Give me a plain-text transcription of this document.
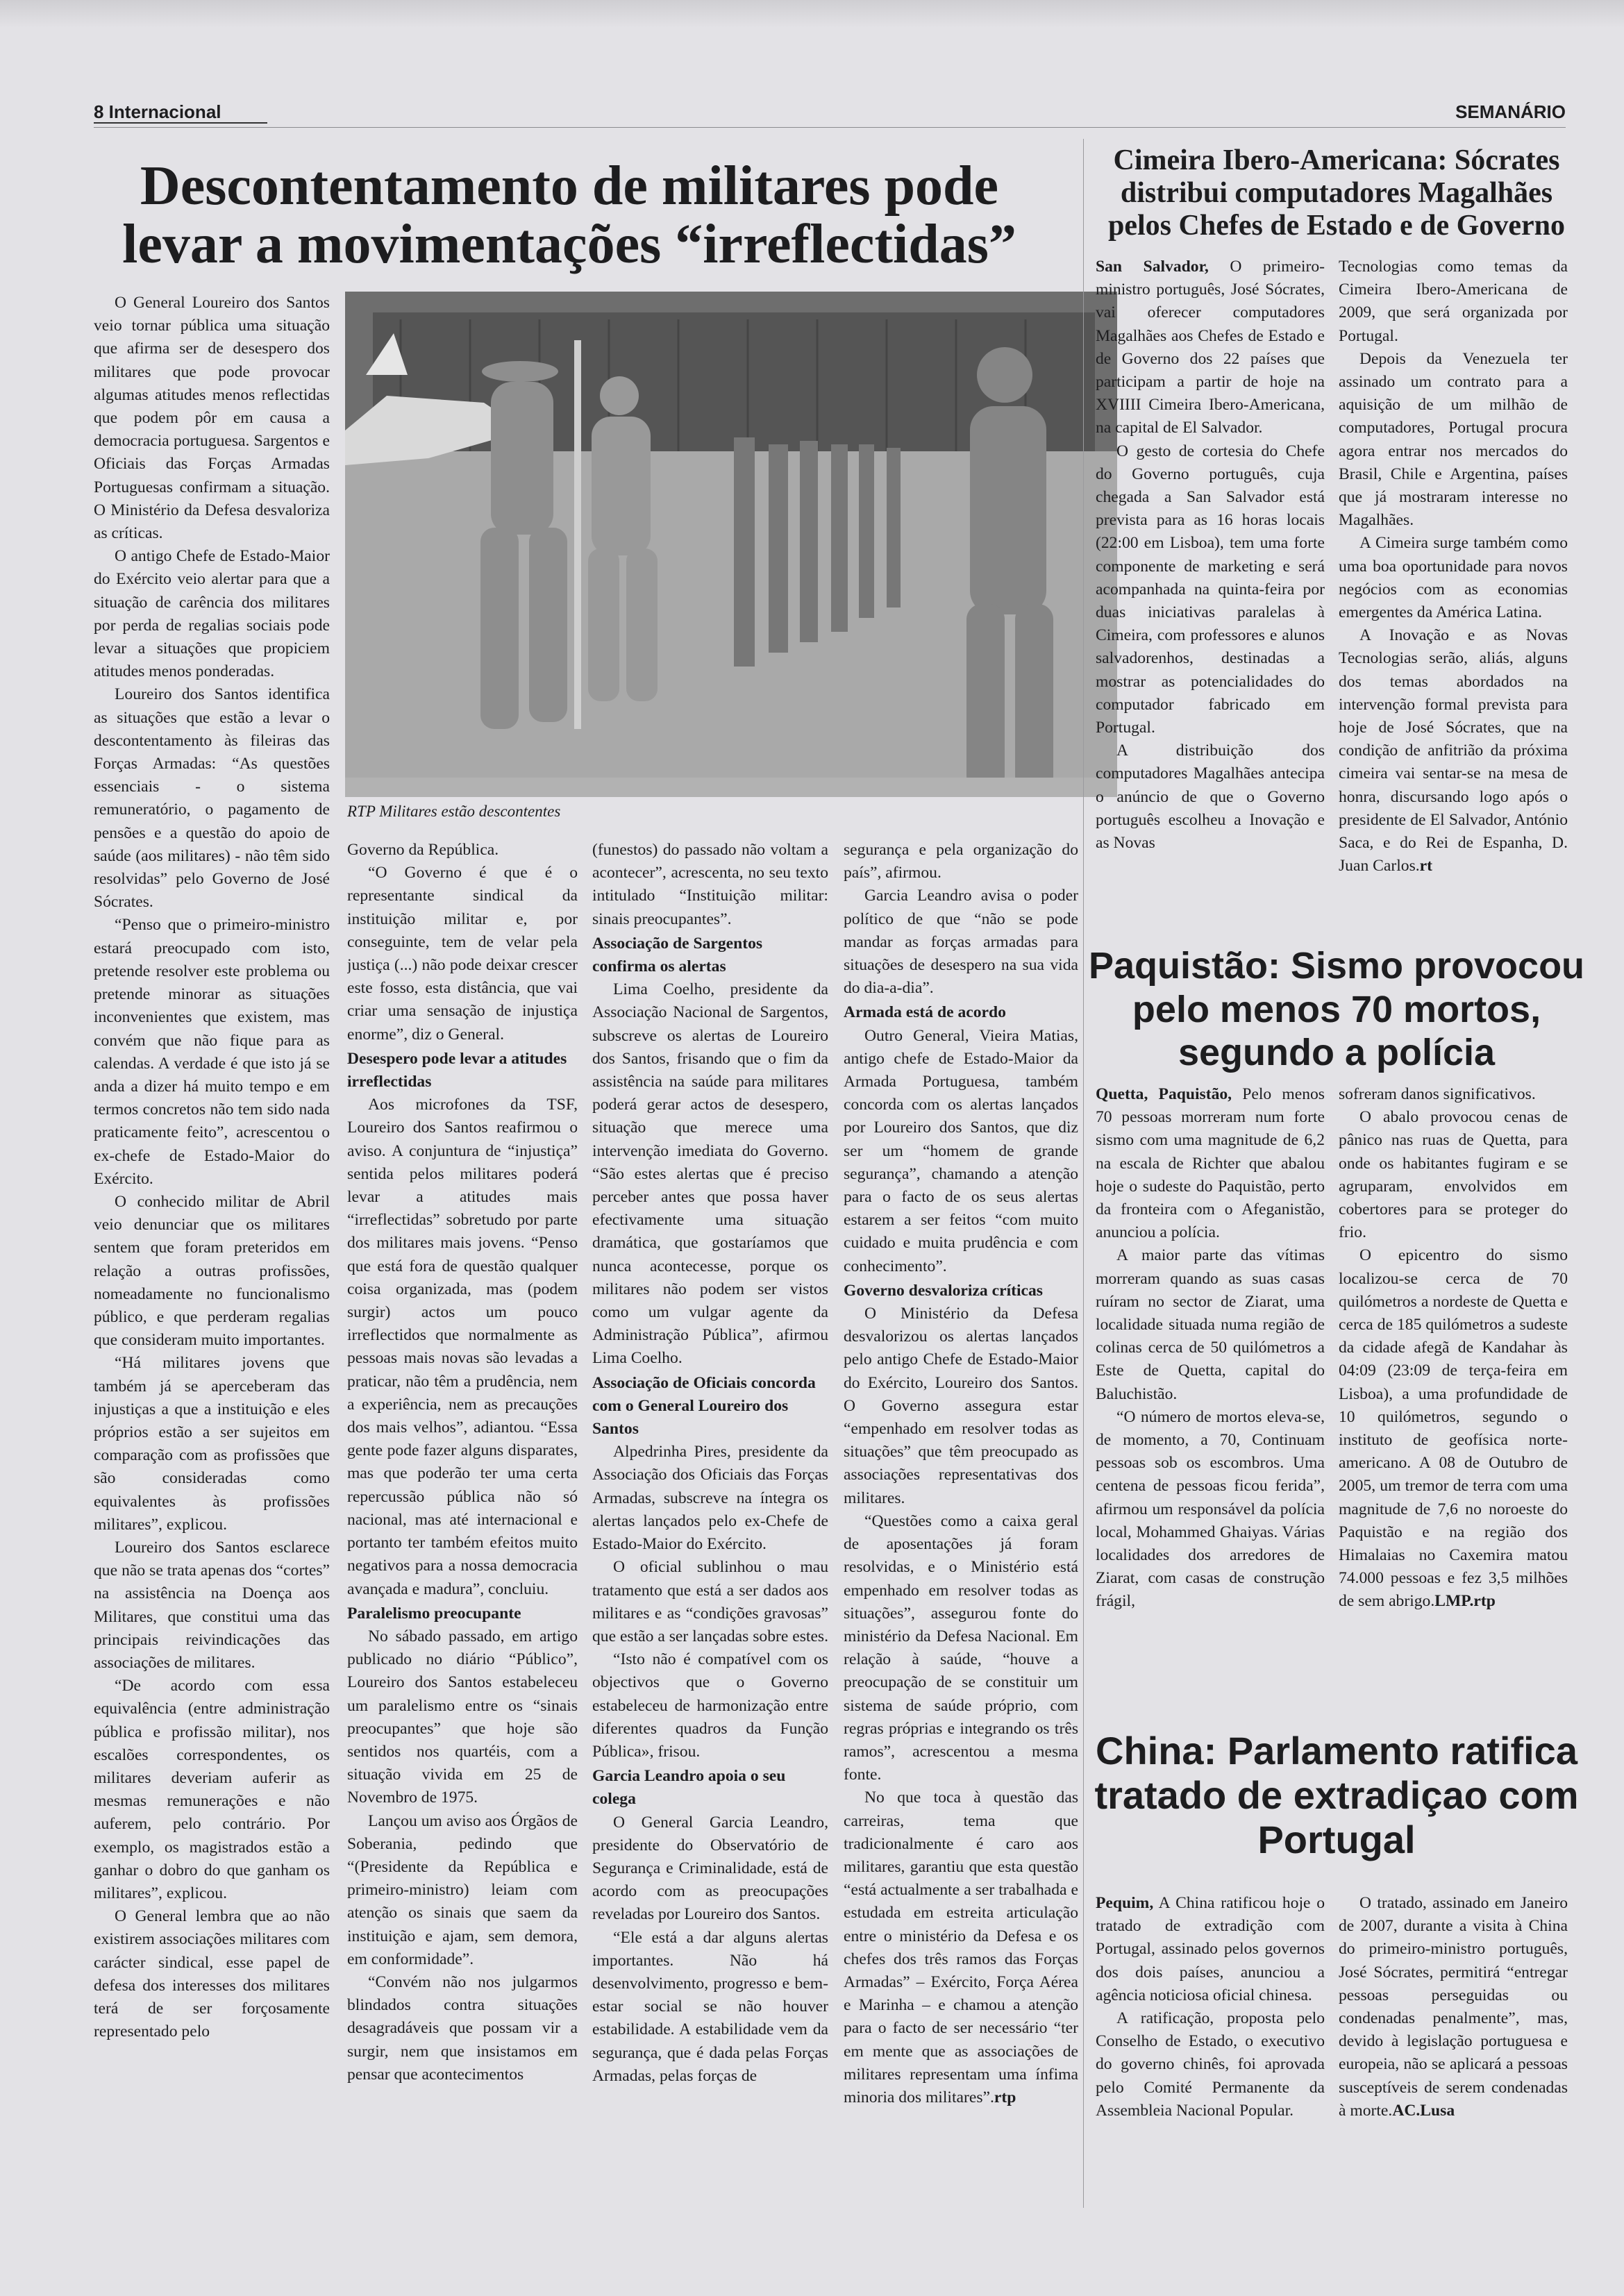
8 Internacional	SEMANÁRIO
Descontentamento de militares pode levar a movimentações “irreflectidas”
RTP Militares estão descontentes

O General Loureiro dos Santos veio tornar pública uma situação que afirma ser de desespero dos militares que pode provocar algumas atitudes menos reflectidas que podem pôr em causa a democracia portuguesa. Sargentos e Oficiais das Forças Armadas Portuguesas confirmam a situação. O Ministério da Defesa desvaloriza as críticas.

O antigo Chefe de Estado-Maior do Exército veio alertar para que a situação de carência dos militares por perda de regalias sociais pode levar a situações que propiciem atitudes menos ponderadas.

Loureiro dos Santos identifica as situações que estão a levar o descontentamento às fileiras das Forças Armadas: “As questões essenciais - o sistema remuneratório, o pagamento de pensões e a questão do apoio de saúde (aos militares) - não têm sido resolvidas” pelo Governo de José Sócrates.

“Penso que o primeiro-ministro estará preocupado com isto, pretende resolver este problema ou pretende minorar as situações inconvenientes que existem, mas convém que não fique para as calendas. A verdade é que isto já se anda a dizer há muito tempo e em termos concretos não tem sido nada praticamente feito”, acrescentou o ex-chefe de Estado-Maior do Exército.

O conhecido militar de Abril veio denunciar que os militares sentem que foram preteridos em relação a outras profissões, nomeadamente no funcionalismo público, e que perderam regalias que consideram muito importantes.

“Há militares jovens que também já se aperceberam das injustiças a que a instituição e eles próprios estão a ser sujeitos em comparação com as profissões que são consideradas como equivalentes às profissões militares”, explicou.

Loureiro dos Santos esclarece que não se trata apenas dos “cortes” na assistência na Doença aos Militares, que constitui uma das principais reivindicações das associações de militares.

“De acordo com essa equivalência (entre administração pública e profissão militar), nos escalões correspondentes, os militares deveriam auferir as mesmas remunerações e não auferem, pelo contrário. Por exemplo, os magistrados estão a ganhar o dobro do que ganham os militares”, explicou.

O General lembra que ao não existirem associações militares com carácter sindical, esse papel de defesa dos interesses dos militares terá de ser forçosamente representado pelo

Governo da República.

“O Governo é que é o representante sindical da instituição militar e, por conseguinte, tem de velar pela justiça (...) não pode deixar crescer este fosso, esta distância, que vai criar uma sensação de injustiça enorme”, diz o General.

Desespero pode levar a atitudes irreflectidas

Aos microfones da TSF, Loureiro dos Santos reafirmou o aviso. A conjuntura de “injustiça” sentida pelos militares poderá levar a atitudes mais “irreflectidas” sobretudo por parte dos militares mais jovens. “Penso que está fora de questão qualquer coisa organizada, mas (podem surgir) actos um pouco irreflectidos que normalmente as pessoas mais novas são levadas a praticar, não têm a prudência, nem a experiência, nem as precauções dos mais velhos”, adiantou. “Essa gente pode fazer alguns disparates, mas que poderão ter uma certa repercussão pública não só nacional, mas até internacional e portanto ter também efeitos muito negativos para a nossa democracia avançada e madura”, concluiu.

Paralelismo preocupante

No sábado passado, em artigo publicado no diário “Público”, Loureiro dos Santos estabeleceu um paralelismo entre os “sinais preocupantes” que hoje são sentidos nos quartéis, com a situação vivida em 25 de Novembro de 1975.

Lançou um aviso aos Órgãos de Soberania, pedindo que “(Presidente da República e primeiro-ministro) leiam com atenção os sinais que saem da instituição e ajam, sem demora, em conformidade”.

“Convém não nos julgarmos blindados contra situações desagradáveis que possam vir a surgir, nem que insistamos em pensar que acontecimentos

(funestos) do passado não voltam a acontecer”, acrescenta, no seu texto intitulado “Instituição militar: sinais preocupantes”.

Associação de Sargentos confirma os alertas

Lima Coelho, presidente da Associação Nacional de Sargentos, subscreve os alertas de Loureiro dos Santos, frisando que o fim da assistência na saúde para militares poderá gerar actos de desespero, situação que merece uma intervenção imediata do Governo. “São estes alertas que é preciso perceber antes que possa haver efectivamente uma situação dramática, que gostaríamos que nunca acontecesse, porque os militares não podem ser vistos como um vulgar agente da Administração Pública”, afirmou Lima Coelho.

Associação de Oficiais concorda com o General Loureiro dos Santos

Alpedrinha Pires, presidente da Associação dos Oficiais das Forças Armadas, subscreve na íntegra os alertas lançados pelo ex-Chefe de Estado-Maior do Exército.

O oficial sublinhou o mau tratamento que está a ser dados aos militares e as “condições gravosas” que estão a ser lançadas sobre estes.

“Isto não é compatível com os objectivos que o Governo estabeleceu de harmonização entre diferentes quadros da Função Pública», frisou.

Garcia Leandro apoia o seu colega

O General Garcia Leandro, presidente do Observatório de Segurança e Criminalidade, está de acordo com as preocupações reveladas por Loureiro dos Santos.

“Ele está a dar alguns alertas importantes. Não há desenvolvimento, progresso e bem-estar social se não houver estabilidade. A estabilidade vem da segurança, que é dada pelas Forças Armadas, pelas forças de

segurança e pela organização do país”, afirmou.

Garcia Leandro avisa o poder político de que “não se pode mandar as forças armadas para situações de desespero na sua vida do dia-a-dia”.

Armada está de acordo

Outro General, Vieira Matias, antigo chefe de Estado-Maior da Armada Portuguesa, também concorda com os alertas lançados por Loureiro dos Santos, que diz ser um “homem de grande segurança”, chamando a atenção para o facto de os seus alertas estarem a ser feitos “com muito cuidado e muita prudência e com conhecimento”.

Governo desvaloriza críticas

O Ministério da Defesa desvalorizou os alertas lançados pelo antigo Chefe de Estado-Maior do Exército, Loureiro dos Santos. O Governo assegura estar “empenhado em resolver todas as situações” que têm preocupado as associações representativas dos militares.

“Questões como a caixa geral de aposentações já foram resolvidas, e o Ministério está empenhado em resolver todas as situações”, assegurou fonte do ministério da Defesa Nacional. Em relação à saúde, “houve a preocupação de se constituir um sistema de saúde próprio, com regras próprias e integrando os três ramos”, acrescentou a mesma fonte.

No que toca à questão das carreiras, tema que tradicionalmente é caro aos militares, garantiu que esta questão “está actualmente a ser trabalhada e estudada em estreita articulação entre o ministério da Defesa e os chefes dos três ramos das Forças Armadas” – Exército, Força Aérea e Marinha – e chamou a atenção para o facto de ser necessário “ter em mente que as associações de militares representam uma ínfima minoria dos militares”.rtp

Cimeira Ibero-Americana: Sócrates distribui computadores Magalhães pelos Chefes de Estado e de Governo

San Salvador, O primeiro-ministro português, José Sócrates, vai oferecer computadores Magalhães aos Chefes de Estado e de Governo dos 22 países que participam a partir de hoje na XVIIII Cimeira Ibero-Americana, na capital de El Salvador.

O gesto de cortesia do Chefe do Governo português, cuja chegada a San Salvador está prevista para as 16 horas locais (22:00 em Lisboa), tem uma forte componente de marketing e será acompanhada na quinta-feira por duas iniciativas paralelas à Cimeira, com professores e alunos salvadorenhos, destinadas a mostrar as potencialidades do computador fabricado em Portugal.

A distribuição dos computadores Magalhães antecipa o anúncio de que o Governo português escolheu a Inovação e as Novas

Tecnologias como temas da Cimeira Ibero-Americana de 2009, que será organizada por Portugal.

Depois da Venezuela ter assinado um contrato para a aquisição de um milhão de computadores, Portugal procura agora entrar nos mercados do Brasil, Chile e Argentina, países que já mostraram interesse no Magalhães.

A Cimeira surge também como uma boa oportunidade para novos negócios com as economias emergentes da América Latina.

A Inovação e as Novas Tecnologias serão, aliás, alguns dos temas abordados na intervenção formal prevista para hoje de José Sócrates, que na condição de anfitrião da próxima cimeira vai sentar-se na mesa de honra, discursando logo após o presidente de El Salvador, António Saca, e do Rei de Espanha, D. Juan Carlos.rt

Paquistão: Sismo provocou pelo menos 70 mortos, segundo a polícia

Quetta, Paquistão, Pelo menos 70 pessoas morreram num forte sismo com uma magnitude de 6,2 na escala de Richter que abalou hoje o sudeste do Paquistão, perto da fronteira com o Afeganistão, anunciou a polícia.

A maior parte das vítimas morreram quando as suas casas ruíram no sector de Ziarat, uma localidade situada numa região de colinas cerca de 50 quilómetros a Este de Quetta, capital do Baluchistão.

“O número de mortos eleva-se, de momento, a 70, Continuam pessoas sob os escombros. Uma centena de pessoas ficou ferida”, afirmou um responsável da polícia local, Mohammed Ghaiyas. Várias localidades dos arredores de Ziarat, com casas de construção frágil,

sofreram danos significativos.

O abalo provocou cenas de pânico nas ruas de Quetta, para onde os habitantes fugiram e se agruparam, envolvidos em cobertores para se proteger do frio.

O epicentro do sismo localizou-se cerca de 70 quilómetros a nordeste de Quetta e cerca de 185 quilómetros a sudeste da cidade afegã de Kandahar às 04:09 (23:09 de terça-feira em Lisboa), a uma profundidade de 10 quilómetros, segundo o instituto de geofísica norte-americano. A 08 de Outubro de 2005, um tremor de terra com uma magnitude de 7,6 no noroeste do Paquistão e na região dos Himalaias no Caxemira matou 74.000 pessoas e fez 3,5 milhões de sem abrigo.LMP.rtp

China: Parlamento ratifica tratado de extradiçao com Portugal

Pequim, A China ratificou hoje o tratado de extradição com Portugal, assinado pelos governos dos dois países, anunciou a agência noticiosa oficial chinesa.

A ratificação, proposta pelo Conselho de Estado, o executivo do governo chinês, foi aprovada pelo Comité Permanente da Assembleia Nacional Popular.

O tratado, assinado em Janeiro de 2007, durante a visita à China do primeiro-ministro português, José Sócrates, permitirá “entregar pessoas perseguidas ou condenadas penalmente”, mas, devido à legislação portuguesa e europeia, não se aplicará a pessoas susceptíveis de serem condenadas à morte.AC.Lusa
